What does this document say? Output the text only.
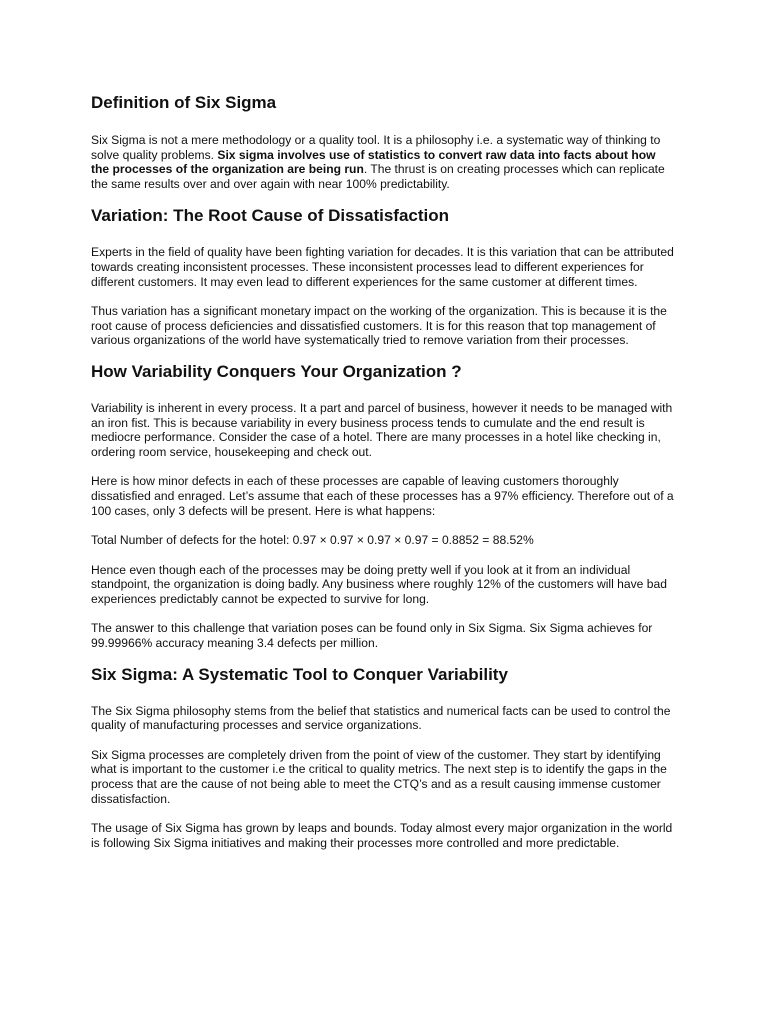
Definition of Six Sigma

Six Sigma is not a mere methodology or a quality tool. It is a philosophy i.e. a systematic way of thinking to solve quality problems. Six sigma involves use of statistics to convert raw data into facts about how the processes of the organization are being run. The thrust is on creating processes which can replicate the same results over and over again with near 100% predictability.

Variation: The Root Cause of Dissatisfaction

Experts in the field of quality have been fighting variation for decades. It is this variation that can be attributed towards creating inconsistent processes. These inconsistent processes lead to different experiences for different customers. It may even lead to different experiences for the same customer at different times.

Thus variation has a significant monetary impact on the working of the organization. This is because it is the root cause of process deficiencies and dissatisfied customers. It is for this reason that top management of various organizations of the world have systematically tried to remove variation from their processes.

How Variability Conquers Your Organization ?

Variability is inherent in every process. It a part and parcel of business, however it needs to be managed with an iron fist. This is because variability in every business process tends to cumulate and the end result is mediocre performance. Consider the case of a hotel. There are many processes in a hotel like checking in, ordering room service, housekeeping and check out.

Here is how minor defects in each of these processes are capable of leaving customers thoroughly dissatisfied and enraged. Let’s assume that each of these processes has a 97% efficiency. Therefore out of a 100 cases, only 3 defects will be present. Here is what happens:

Total Number of defects for the hotel: 0.97 × 0.97 × 0.97 × 0.97 = 0.8852 = 88.52%

Hence even though each of the processes may be doing pretty well if you look at it from an individual standpoint, the organization is doing badly. Any business where roughly 12% of the customers will have bad experiences predictably cannot be expected to survive for long.

The answer to this challenge that variation poses can be found only in Six Sigma. Six Sigma achieves for 99.99966% accuracy meaning 3.4 defects per million.

Six Sigma: A Systematic Tool to Conquer Variability

The Six Sigma philosophy stems from the belief that statistics and numerical facts can be used to control the quality of manufacturing processes and service organizations.

Six Sigma processes are completely driven from the point of view of the customer. They start by identifying what is important to the customer i.e the critical to quality metrics. The next step is to identify the gaps in the process that are the cause of not being able to meet the CTQ’s and as a result causing immense customer dissatisfaction.

The usage of Six Sigma has grown by leaps and bounds. Today almost every major organization in the world is following Six Sigma initiatives and making their processes more controlled and more predictable.
